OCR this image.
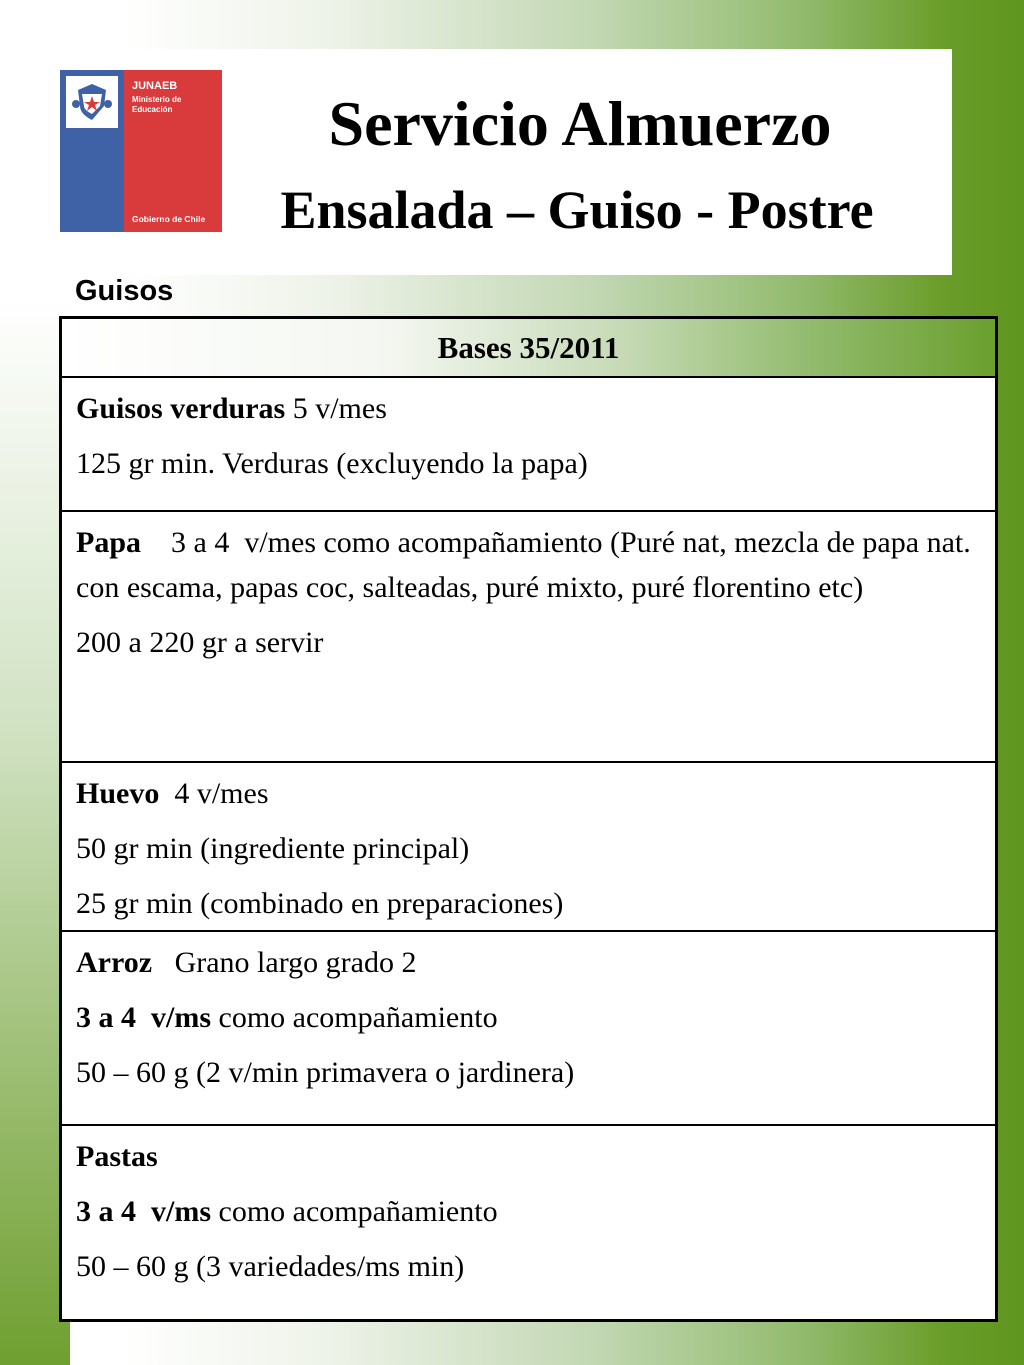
JUNAEB
Ministerio de
Educación
Gobierno de Chile
Servicio Almuerzo
Ensalada – Guiso - Postre
Guisos
Bases 35/2011

Guisos verduras 5 v/mes

125 gr min. Verduras (excluyendo la papa)

Papa    3 a 4  v/mes como acompañamiento (Puré nat, mezcla de papa nat. con escama, papas coc, salteadas, puré mixto, puré florentino etc)

200 a 220 gr a servir

Huevo  4 v/mes

50 gr min (ingrediente principal)

25 gr min (combinado en preparaciones)

Arroz   Grano largo grado 2

3 a 4  v/ms como acompañamiento

50 – 60 g (2 v/min primavera o jardinera)

Pastas

3 a 4  v/ms como acompañamiento

50 – 60 g (3 variedades/ms min)
